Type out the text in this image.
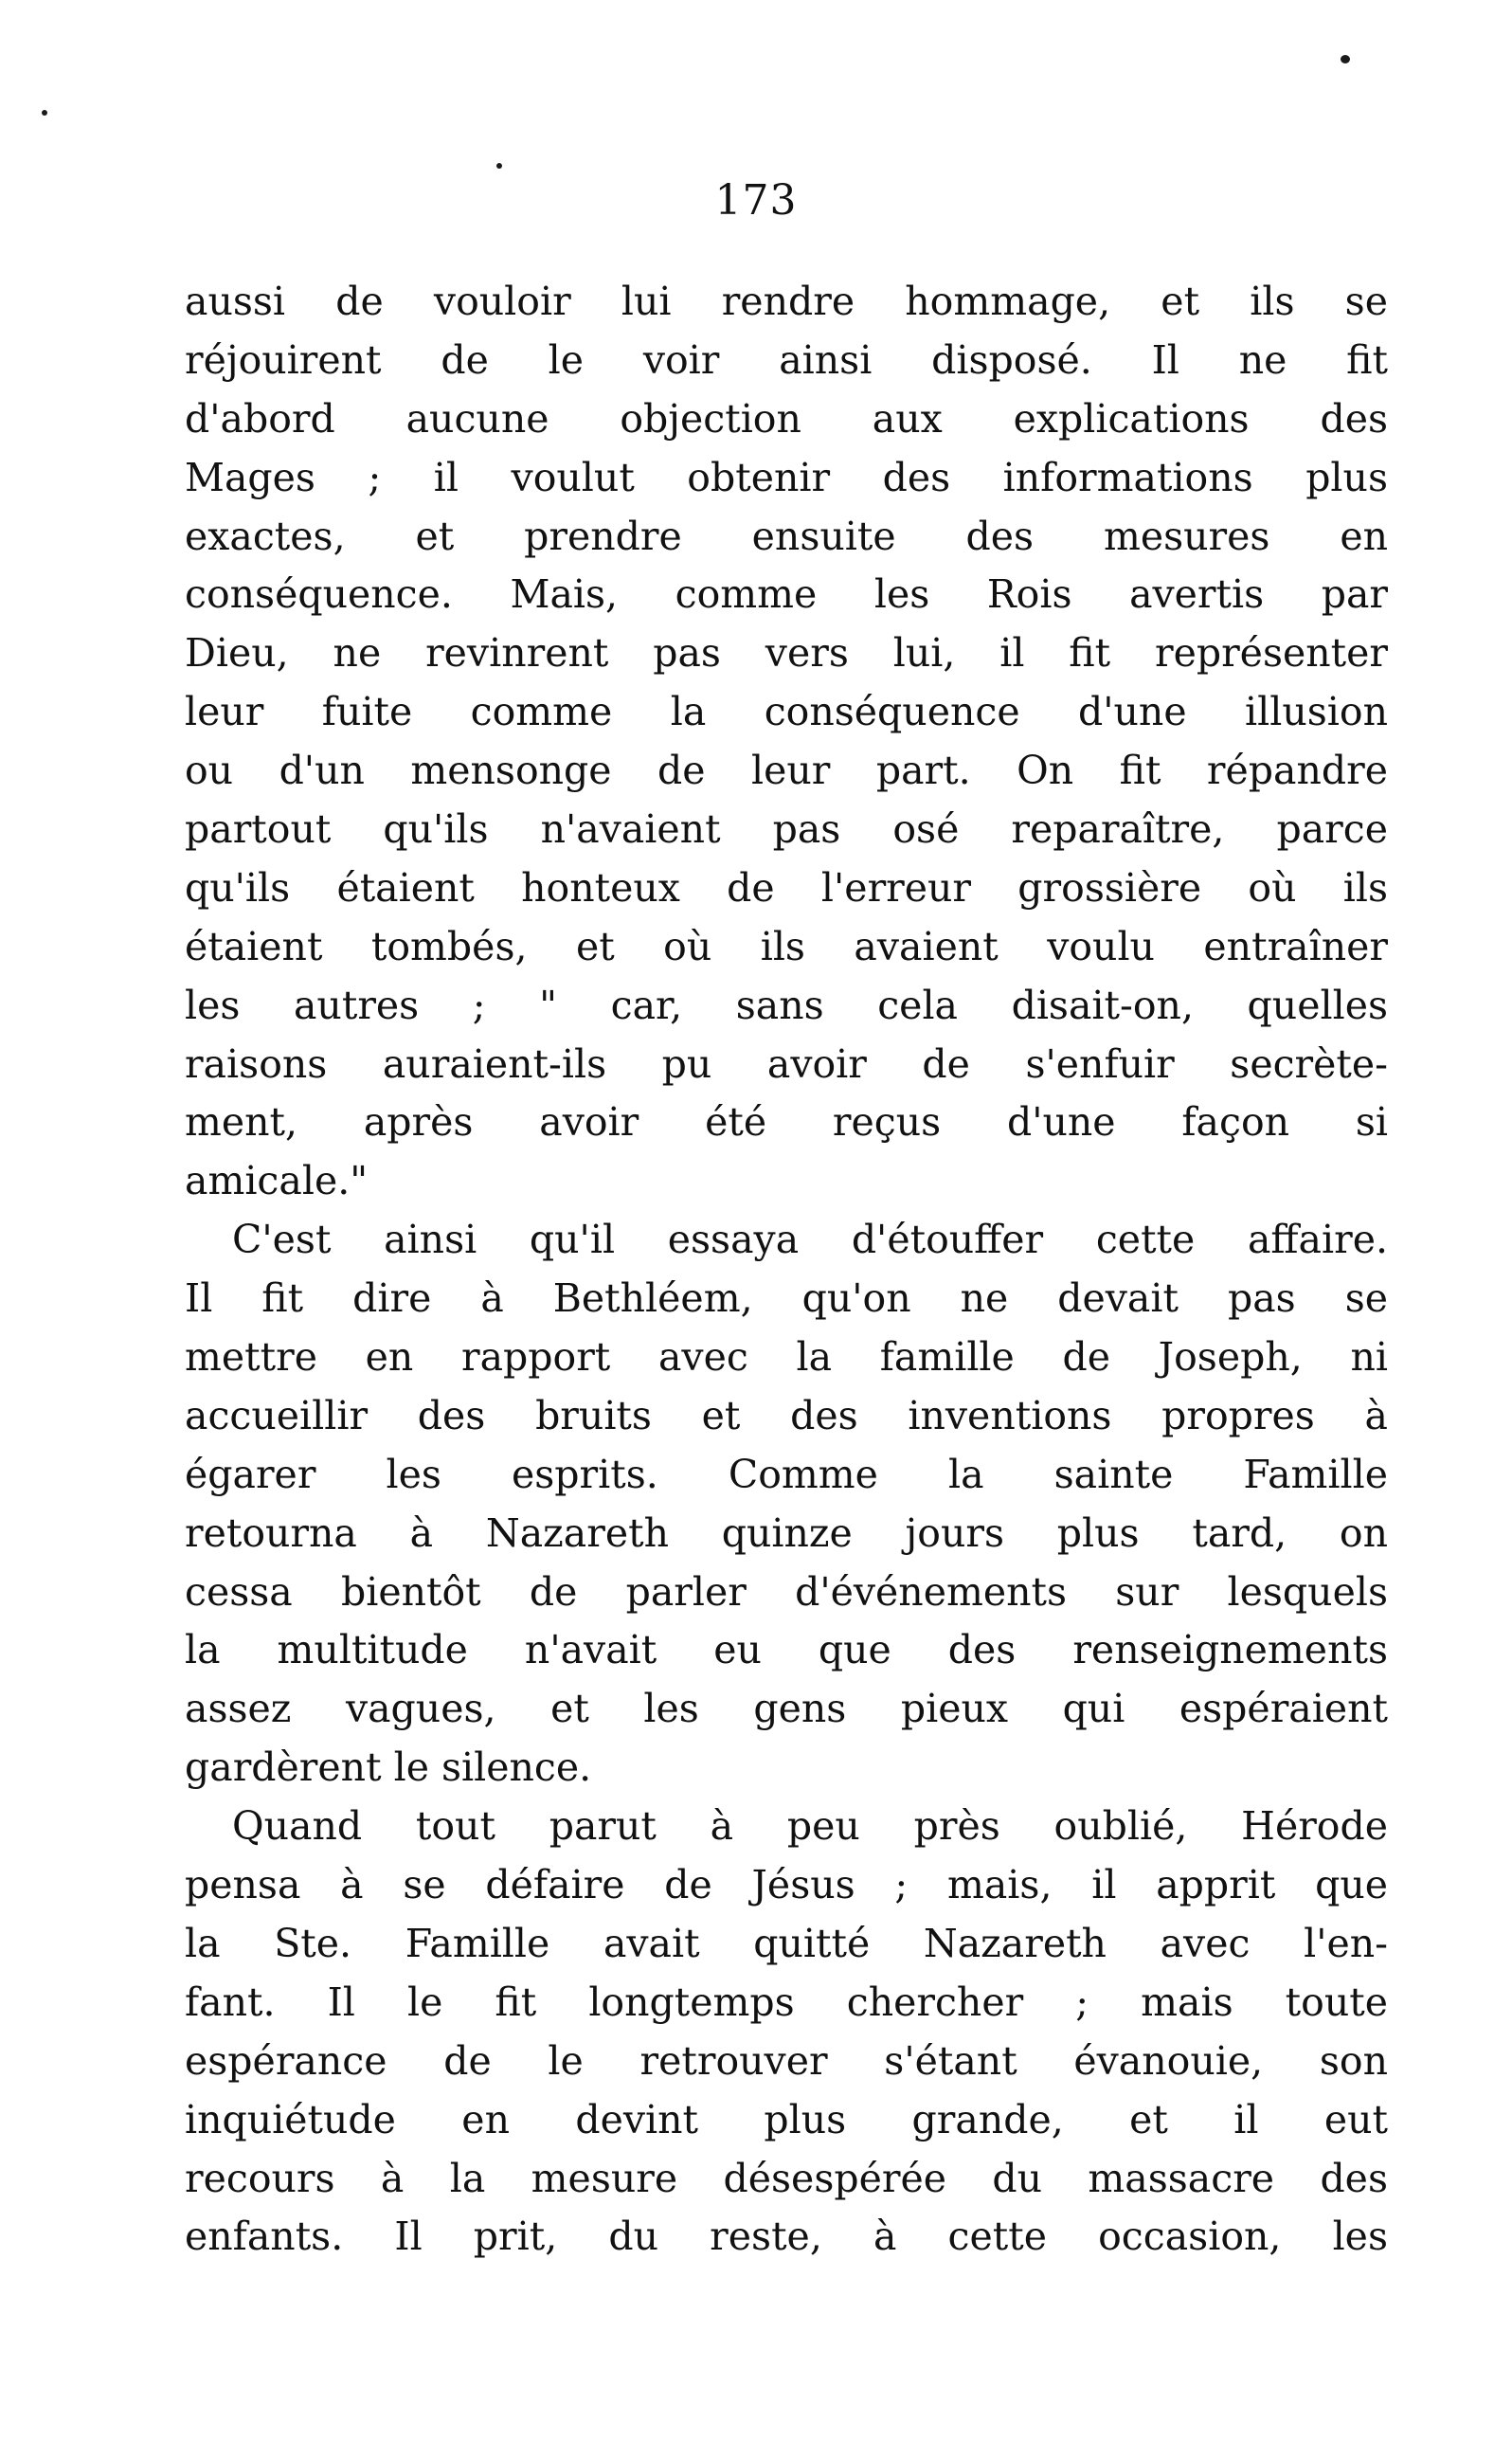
173
aussi de vouloir lui rendre hommage, et ils se
réjouirent de le voir ainsi disposé. Il ne fit
d'abord aucune objection aux explications des
Mages ; il voulut obtenir des informations plus
exactes, et prendre ensuite des mesures en
conséquence. Mais, comme les Rois avertis par
Dieu, ne revinrent pas vers lui, il fit représenter
leur fuite comme la conséquence d'une illusion
ou d'un mensonge de leur part. On fit répandre
partout qu'ils n'avaient pas osé reparaître, parce
qu'ils étaient honteux de l'erreur grossière où ils
étaient tombés, et où ils avaient voulu entraîner
les autres ; " car, sans cela disait-on, quelles
raisons auraient-ils pu avoir de s'enfuir secrète-
ment, après avoir été reçus d'une façon si
amicale."
C'est ainsi qu'il essaya d'étouffer cette affaire.
Il fit dire à Bethléem, qu'on ne devait pas se
mettre en rapport avec la famille de Joseph, ni
accueillir des bruits et des inventions propres à
égarer les esprits. Comme la sainte Famille
retourna à Nazareth quinze jours plus tard, on
cessa bientôt de parler d'événements sur lesquels
la multitude n'avait eu que des renseignements
assez vagues, et les gens pieux qui espéraient
gardèrent le silence.
Quand tout parut à peu près oublié, Hérode
pensa à se défaire de Jésus ; mais, il apprit que
la Ste. Famille avait quitté Nazareth avec l'en-
fant. Il le fit longtemps chercher ; mais toute
espérance de le retrouver s'étant évanouie, son
inquiétude en devint plus grande, et il eut
recours à la mesure désespérée du massacre des
enfants. Il prit, du reste, à cette occasion, les
